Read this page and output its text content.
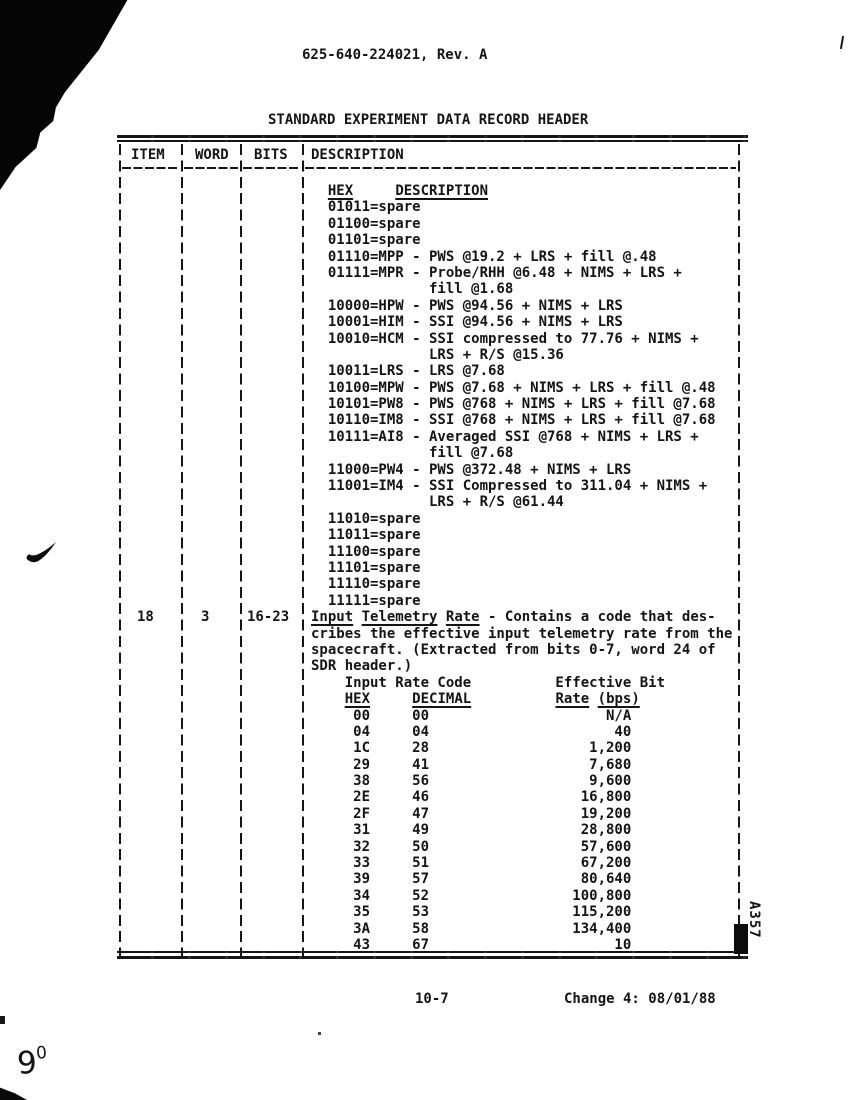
625-640-224021, Rev. A
STANDARD EXPERIMENT DATA RECORD HEADER
ITEM WORD BITS DESCRIPTION
18	3	16-23
HEX	DESCRIPTION
01011=spare
01100=spare
01101=spare
01110=MPP - PWS @19.2 + LRS + fill @.48
01111=MPR - Probe/RHH @6.48 + NIMS + LRS +
fill @1.68
10000=HPW - PWS @94.56 + NIMS + LRS
10001=HIM - SSI @94.56 + NIMS + LRS
10010=HCM - SSI compressed to 77.76 + NIMS +
LRS + R/S @15.36
10011=LRS - LRS @7.68
10100=MPW - PWS @7.68 + NIMS + LRS + fill @.48
10101=PW8 - PWS @768 + NIMS + LRS + fill @7.68
10110=IM8 - SSI @768 + NIMS + LRS + fill @7.68
10111=AI8 - Averaged SSI @768 + NIMS + LRS +
fill @7.68
11000=PW4 - PWS @372.48 + NIMS + LRS
11001=IM4 - SSI Compressed to 311.04 + NIMS +
LRS + R/S @61.44
11010=spare
11011=spare
11100=spare
11101=spare
11110=spare
11111=spare
Input Telemetry Rate - Contains a code that des-
cribes the effective input telemetry rate from the
spacecraft. (Extracted from bits 0-7, word 24 of
SDR header.)
Input Rate Code          Effective Bit
HEX	DECIMAL	Rate (bps)
00     00                     N/A
04     04                      40
1C     28                   1,200
29     41                   7,680
38     56                   9,600
2E     46                  16,800
2F     47                  19,200
31     49                  28,800
32     50                  57,600
33     51                  67,200
39     57                  80,640
34     52                 100,800
35     53                 115,200
3A     58                 134,400
43     67                      10
10-7	Change 4: 08/01/88
A357
90
